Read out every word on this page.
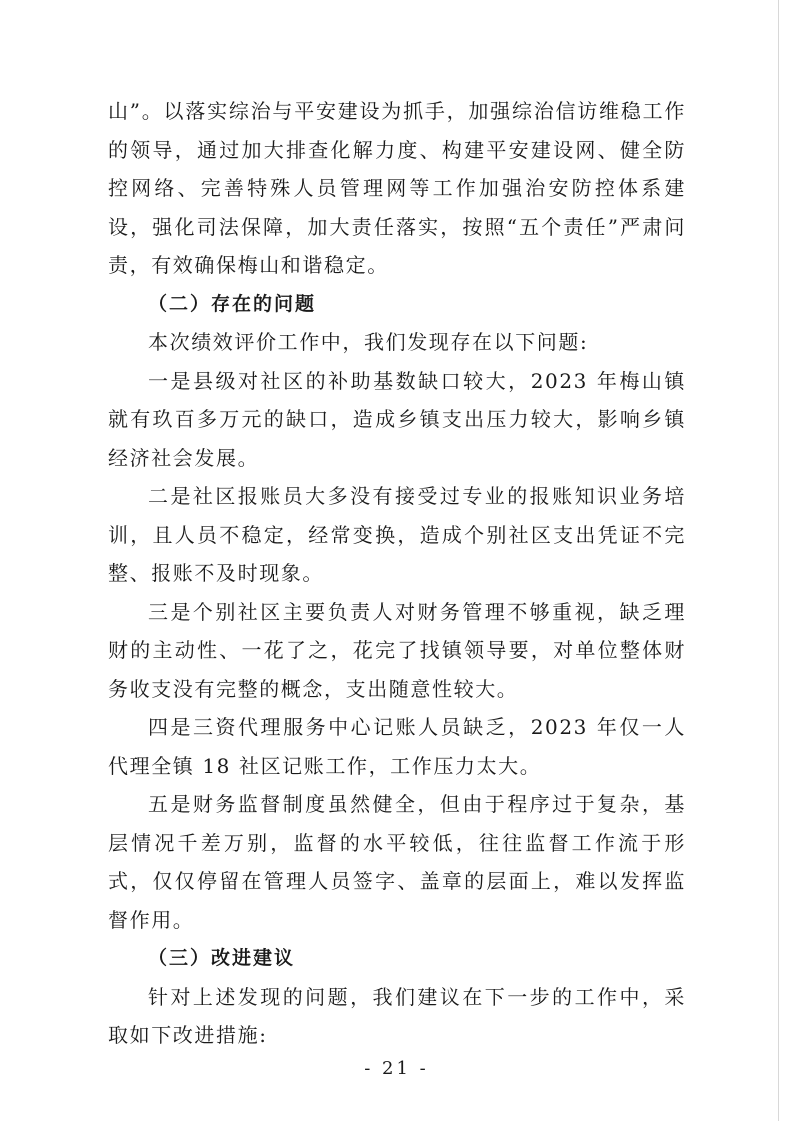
山”。以落实综治与平安建设为抓手，加强综治信访维稳工作的领导，通过加大排查化解力度、构建平安建设网、健全防控网络、完善特殊人员管理网等工作加强治安防控体系建设，强化司法保障，加大责任落实，按照“五个责任”严肃问责，有效确保梅山和谐稳定。

（二）存在的问题

本次绩效评价工作中，我们发现存在以下问题:

一是县级对社区的补助基数缺口较大，2023 年梅山镇就有玖百多万元的缺口，造成乡镇支出压力较大，影响乡镇经济社会发展。

二是社区报账员大多没有接受过专业的报账知识业务培训，且人员不稳定，经常变换，造成个别社区支出凭证不完整、报账不及时现象。

三是个别社区主要负责人对财务管理不够重视，缺乏理财的主动性、一花了之，花完了找镇领导要，对单位整体财务收支没有完整的概念，支出随意性较大。

四是三资代理服务中心记账人员缺乏，2023 年仅一人代理全镇 18 社区记账工作，工作压力太大。

五是财务监督制度虽然健全，但由于程序过于复杂，基层情况千差万别，监督的水平较低，往往监督工作流于形式，仅仅停留在管理人员签字、盖章的层面上，难以发挥监督作用。

（三）改进建议

针对上述发现的问题，我们建议在下一步的工作中，采取如下改进措施:

- 21 -
